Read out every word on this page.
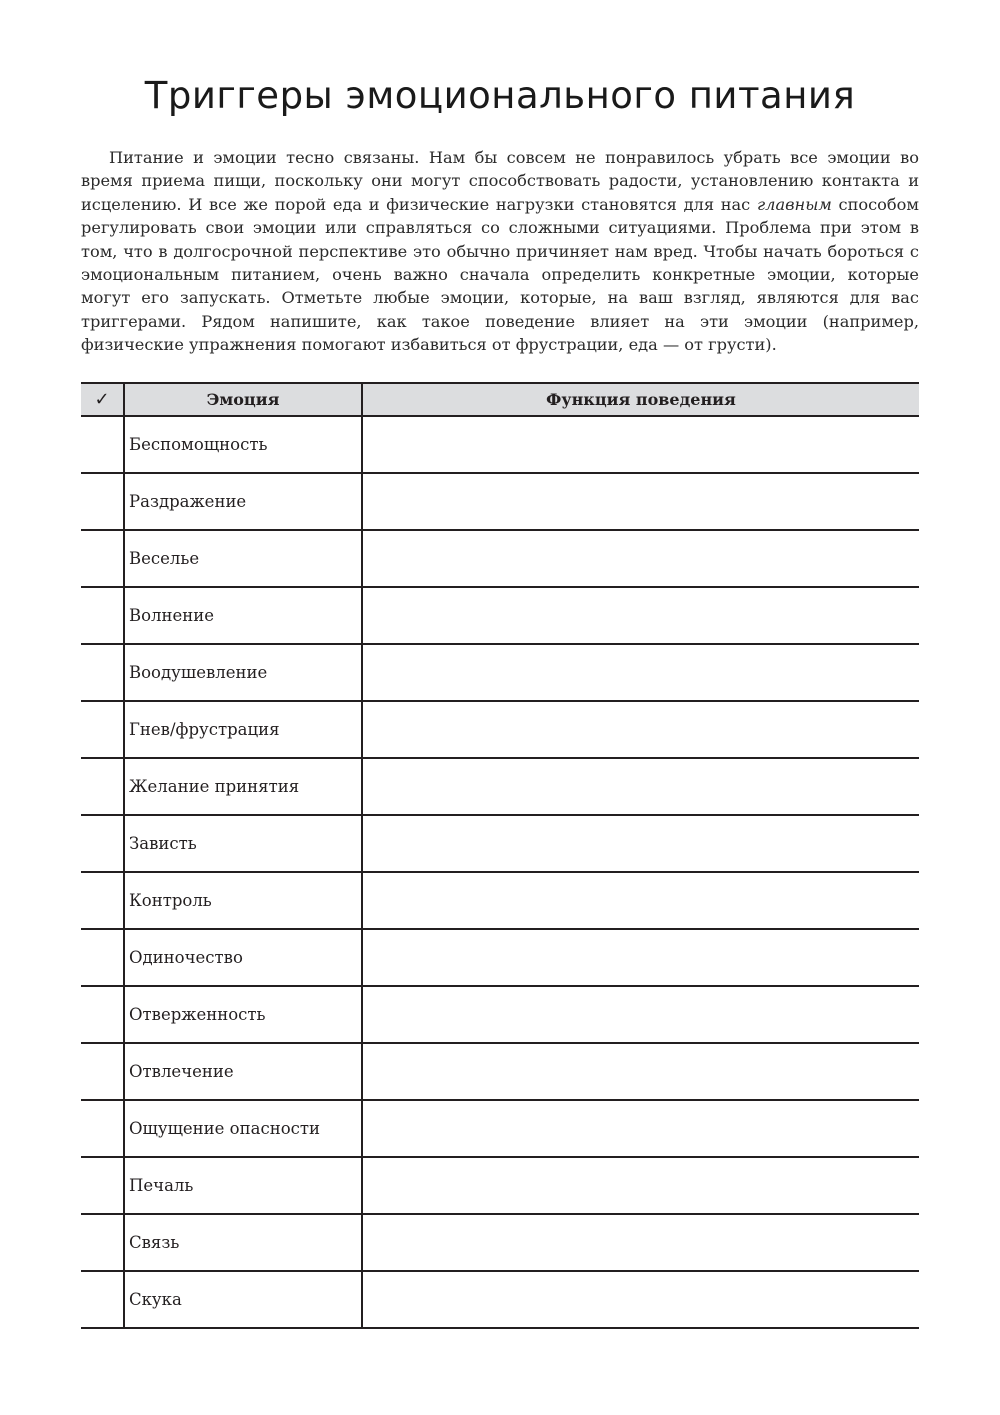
Триггеры эмоционального питания

Питание и эмоции тесно связаны. Нам бы совсем не понравилось убрать все эмоции во время приема пищи, поскольку они могут способствовать радости, установлению контакта и исцелению. И все же порой еда и физические нагрузки становятся для нас главным способом регулировать свои эмоции или справляться со сложными ситуациями. Проблема при этом в том, что в долгосрочной перспективе это обычно причиняет нам вред. Чтобы начать бороться с эмоциональным питанием, очень важно сначала определить конкретные эмоции, которые могут его запускать. Отметьте любые эмоции, которые, на ваш взгляд, являются для вас триггерами. Рядом напишите, как такое поведение влияет на эти эмоции (например, физические упражнения помогают избавиться от фрустрации, еда — от грусти).

✓	Эмоция	Функция поведения
	Беспомощность	
	Раздражение	
	Веселье	
	Волнение	
	Воодушевление	
	Гнев/фрустрация	
	Желание принятия	
	Зависть	
	Контроль	
	Одиночество	
	Отверженность	
	Отвлечение	
	Ощущение опасности	
	Печаль	
	Связь	
	Скука	
